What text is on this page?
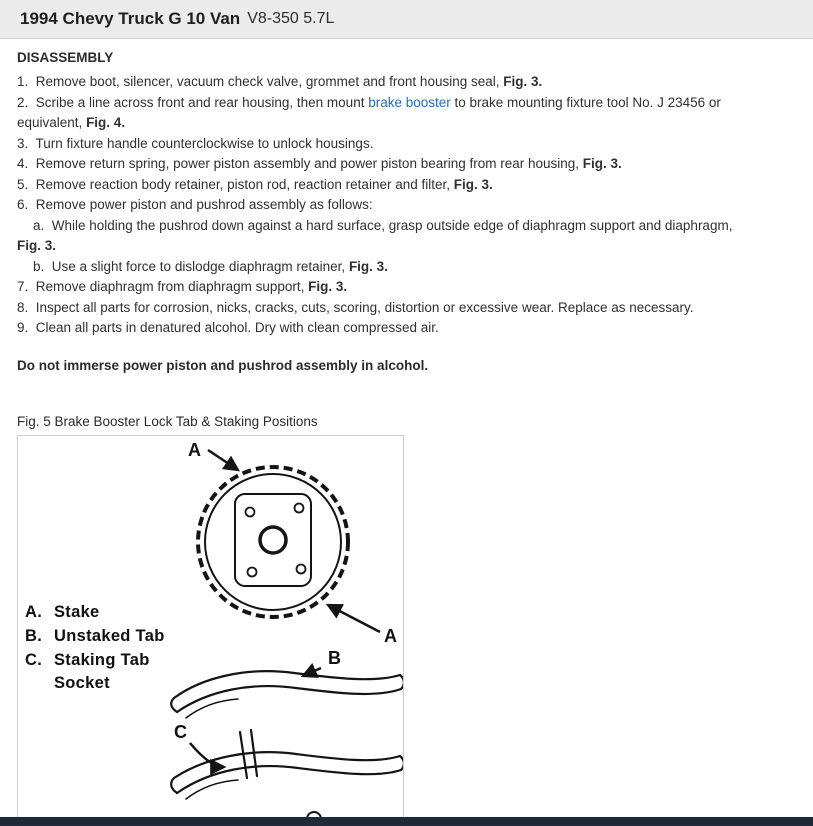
1994 Chevy Truck G 10 Van V8-350 5.7L
DISASSEMBLY
1.  Remove boot, silencer, vacuum check valve, grommet and front housing seal, Fig. 3.
2.  Scribe a line across front and rear housing, then mount brake booster to brake mounting fixture tool No. J 23456 or
equivalent, Fig. 4.
3.  Turn fixture handle counterclockwise to unlock housings.
4.  Remove return spring, power piston assembly and power piston bearing from rear housing, Fig. 3.
5.  Remove reaction body retainer, piston rod, reaction retainer and filter, Fig. 3.
6.  Remove power piston and pushrod assembly as follows:
a.  While holding the pushrod down against a hard surface, grasp outside edge of diaphragm support and diaphragm,
Fig. 3.
b.  Use a slight force to dislodge diaphragm retainer, Fig. 3.
7.  Remove diaphragm from diaphragm support, Fig. 3.
8.  Inspect all parts for corrosion, nicks, cracks, cuts, scoring, distortion or excessive wear. Replace as necessary.
9.  Clean all parts in denatured alcohol. Dry with clean compressed air.

Do not immerse power piston and pushrod assembly in alcohol.

Fig. 5 Brake Booster Lock Tab & Staking Positions

A
A
B
C
A. Stake
B. Unstaked Tab
C. Staking Tab
Socket
